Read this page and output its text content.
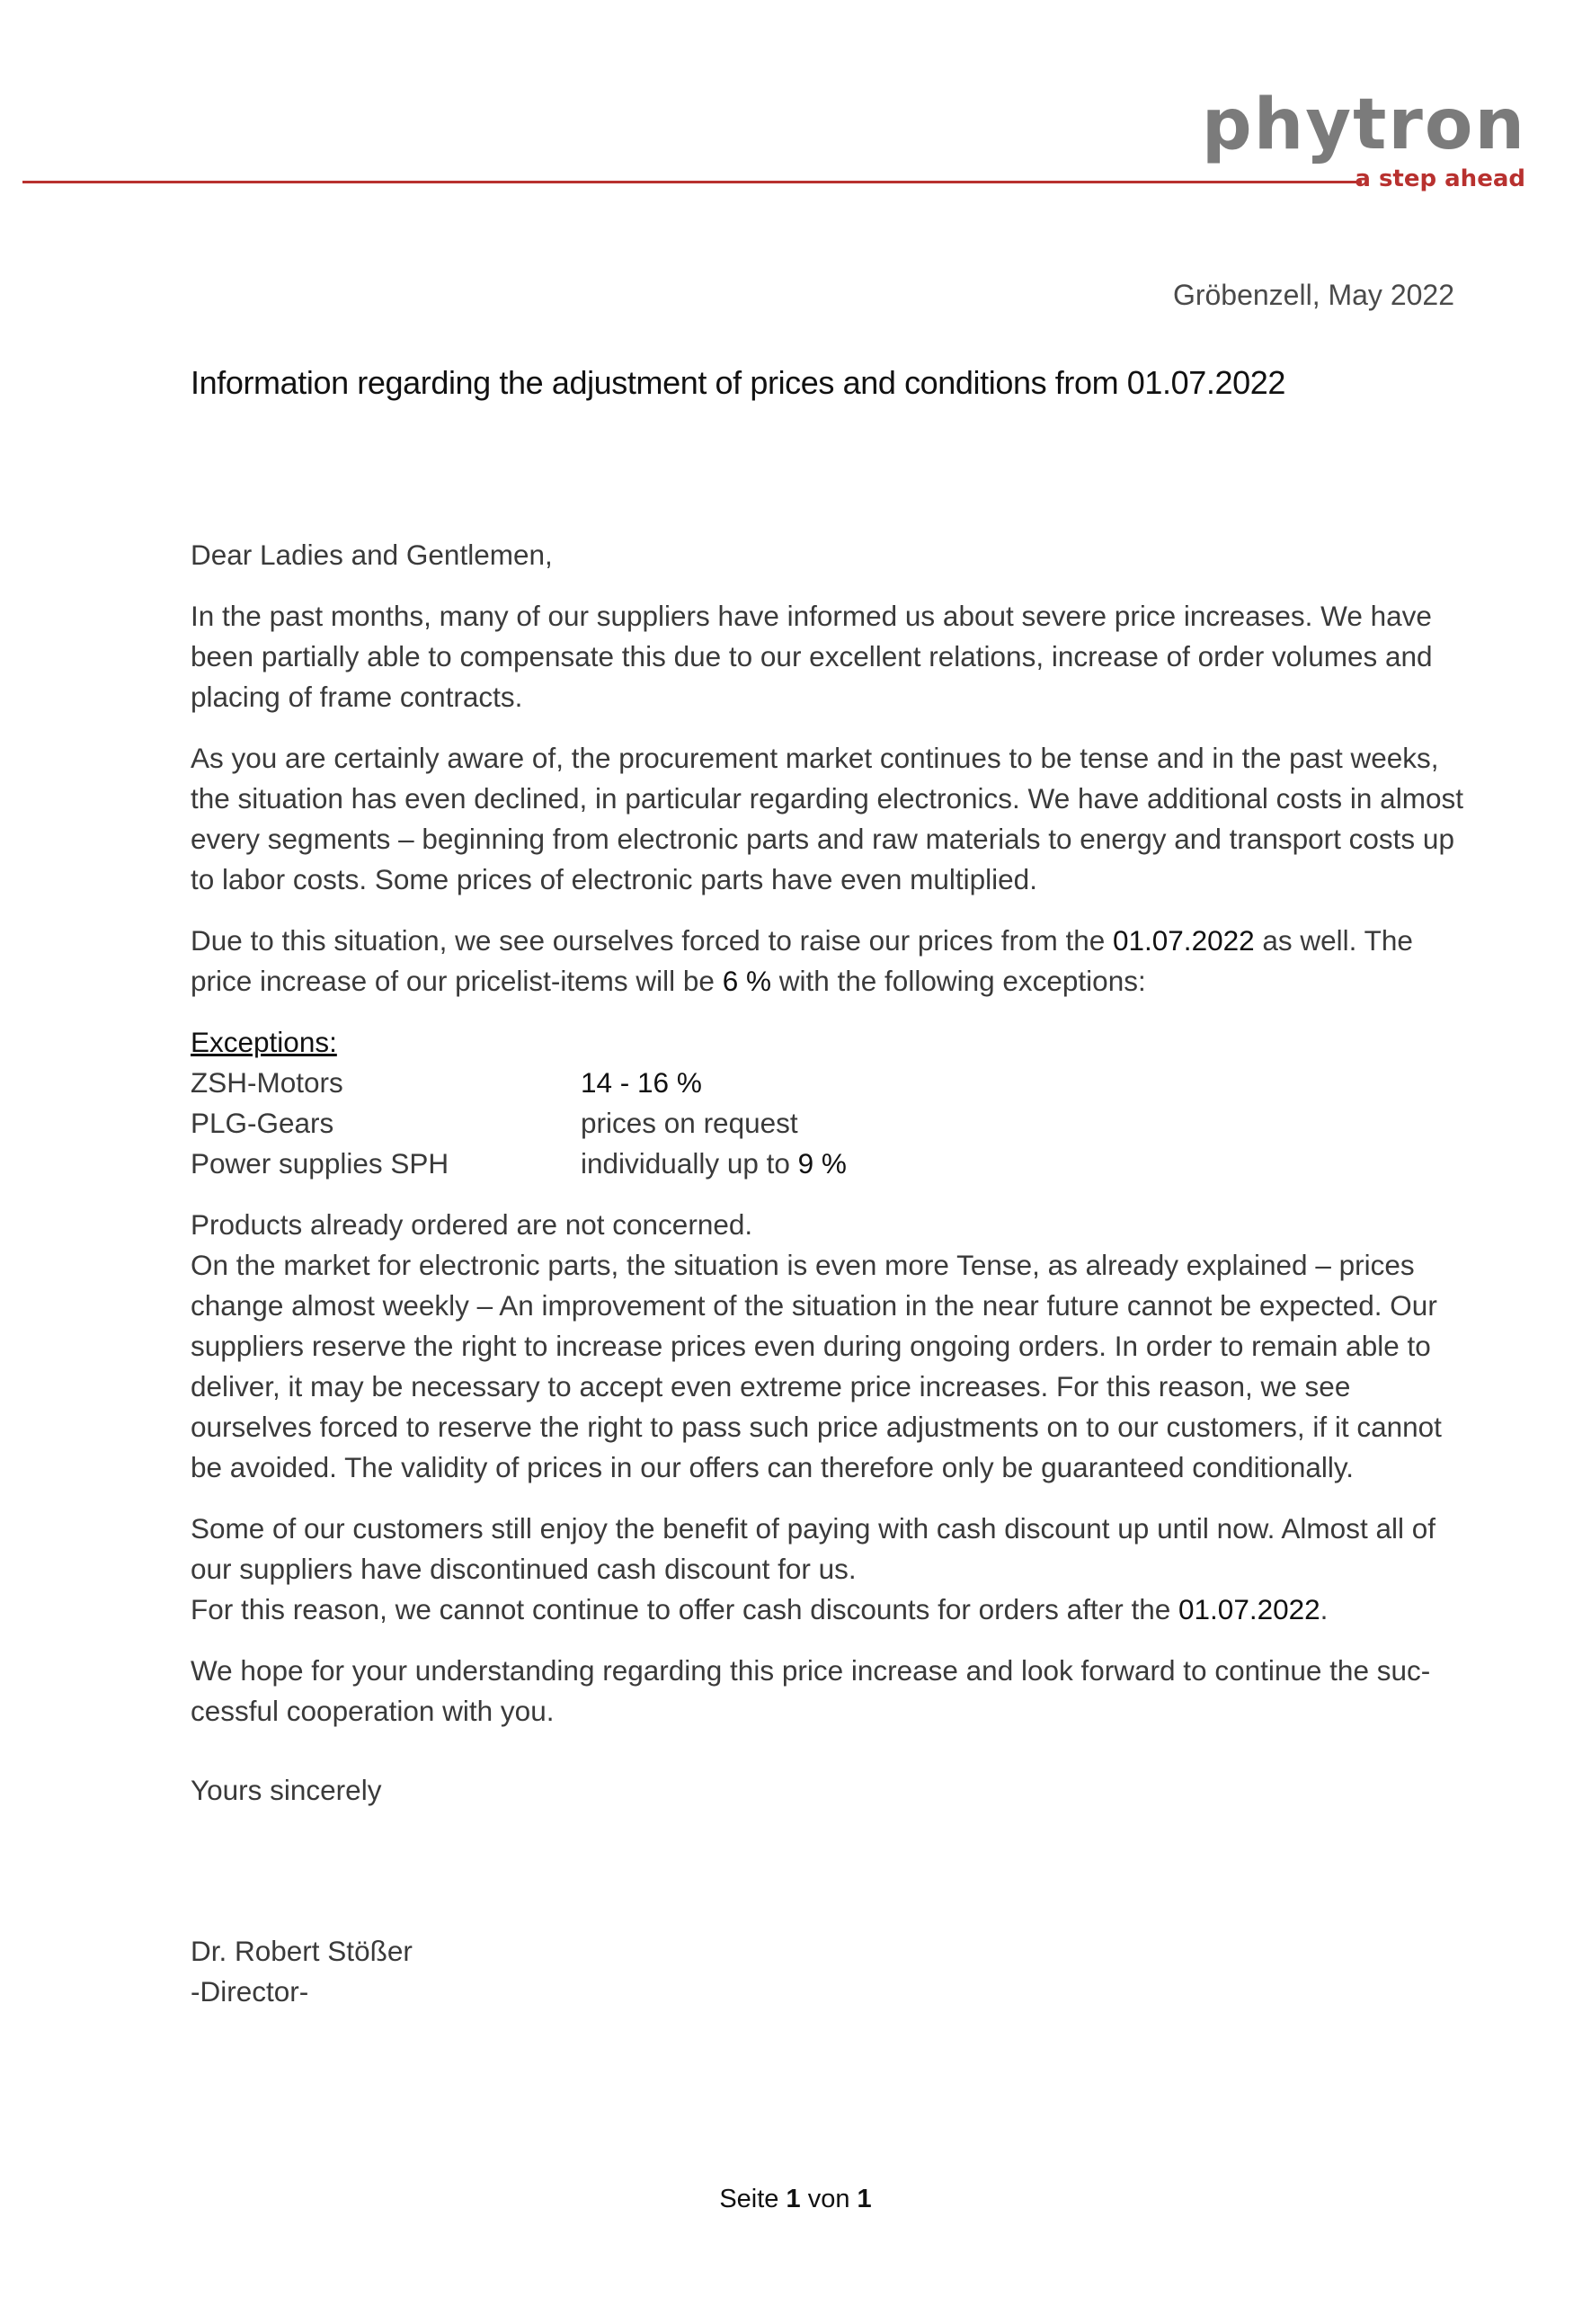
phytron
a step ahead
Gröbenzell, May 2022
Information regarding the adjustment of prices and conditions from 01.07.2022

Dear Ladies and Gentlemen,

In the past months, many of our suppliers have informed us about severe price increases. We have been partially able to compensate this due to our excellent relations, increase of order volumes and placing of frame contracts.

As you are certainly aware of, the procurement market continues to be tense and in the past weeks, the situation has even declined, in particular regarding electronics. We have additional costs in almost every segments – beginning from electronic parts and raw materials to energy and transport costs up to labor costs. Some prices of electronic parts have even multiplied.

Due to this situation, we see ourselves forced to raise our prices from the 01.07.2022 as well. The price increase of our pricelist-items will be 6 % with the following exceptions:

Exceptions:
ZSH-Motors	14 - 16 %
PLG-Gears	prices on request
Power supplies SPH	individually up to 9 %

Products already ordered are not concerned.
On the market for electronic parts, the situation is even more Tense, as already explained – prices change almost weekly – An improvement of the situation in the near future cannot be expected. Our suppliers reserve the right to increase prices even during ongoing orders. In order to remain able to deliver, it may be necessary to accept even extreme price increases. For this reason, we see ourselves forced to reserve the right to pass such price adjustments on to our customers, if it cannot be avoided. The validity of prices in our offers can therefore only be guaranteed conditionally.

Some of our customers still enjoy the benefit of paying with cash discount up until now. Almost all of our suppliers have discontinued cash discount for us.
For this reason, we cannot continue to offer cash discounts for orders after the 01.07.2022.

We hope for your understanding regarding this price increase and look forward to continue the suc-cessful cooperation with you.

Yours sincerely

Dr. Robert Stößer
-Director-
Seite 1 von 1
